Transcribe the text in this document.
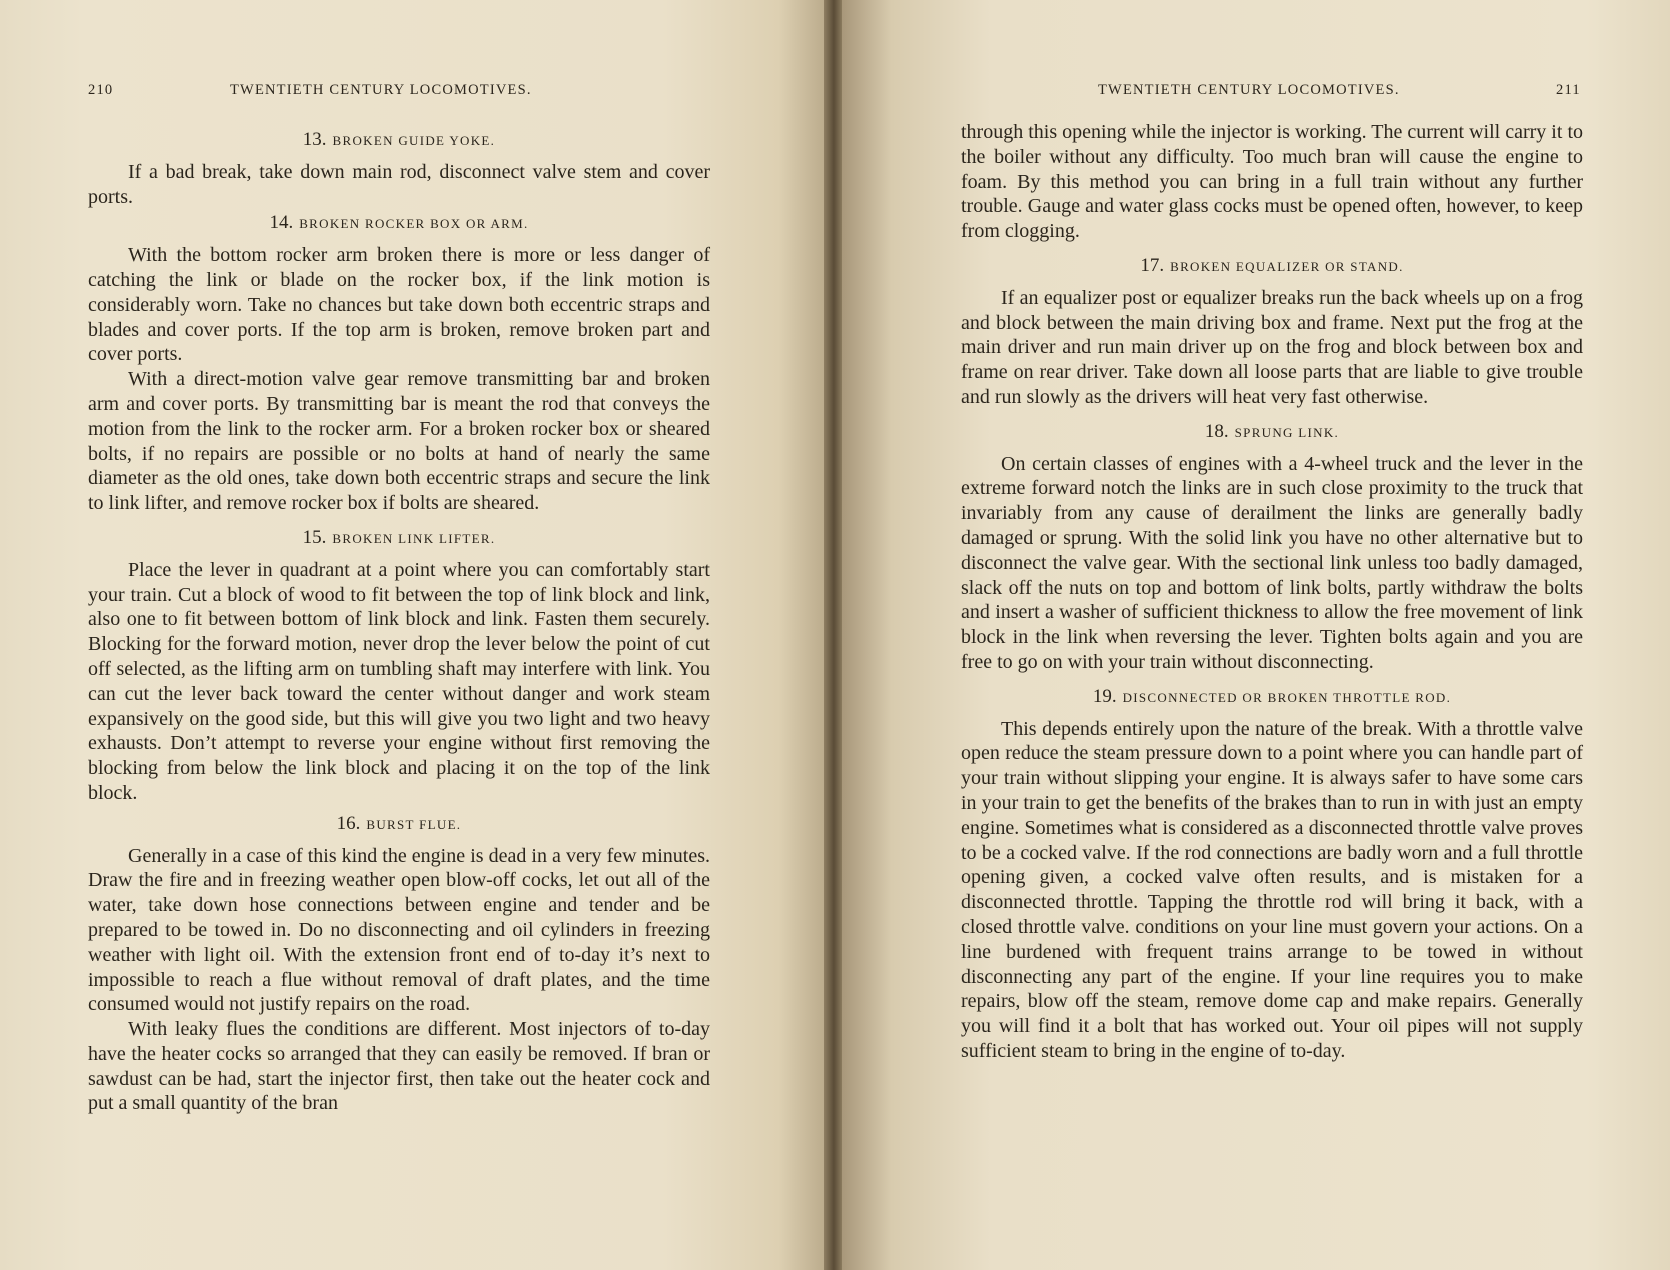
210	TWENTIETH CENTURY LOCOMOTIVES.
13. BROKEN GUIDE YOKE.

If a bad break, take down main rod, disconnect valve stem and cover ports.

14. BROKEN ROCKER BOX OR ARM.

With the bottom rocker arm broken there is more or less danger of catching the link or blade on the rocker box, if the link motion is considerably worn. Take no chances but take down both eccentric straps and blades and cover ports. If the top arm is broken, remove broken part and cover ports.

With a direct-motion valve gear remove transmitting bar and broken arm and cover ports. By transmitting bar is meant the rod that conveys the motion from the link to the rocker arm. For a broken rocker box or sheared bolts, if no repairs are possible or no bolts at hand of nearly the same diameter as the old ones, take down both eccentric straps and secure the link to link lifter, and remove rocker box if bolts are sheared.

15. BROKEN LINK LIFTER.

Place the lever in quadrant at a point where you can comfortably start your train. Cut a block of wood to fit between the top of link block and link, also one to fit between bottom of link block and link. Fasten them securely. Blocking for the forward motion, never drop the lever below the point of cut off selected, as the lifting arm on tumbling shaft may interfere with link. You can cut the lever back toward the center without danger and work steam expansively on the good side, but this will give you two light and two heavy exhausts. Don’t attempt to reverse your engine without first removing the blocking from below the link block and placing it on the top of the link block.

16. BURST FLUE.

Generally in a case of this kind the engine is dead in a very few minutes. Draw the fire and in freezing weather open blow-off cocks, let out all of the water, take down hose connections between engine and tender and be prepared to be towed in. Do no disconnecting and oil cylinders in freezing weather with light oil. With the extension front end of to-day it’s next to impossible to reach a flue without removal of draft plates, and the time consumed would not justify repairs on the road.

With leaky flues the conditions are different. Most injectors of to-day have the heater cocks so arranged that they can easily be removed. If bran or sawdust can be had, start the injector first, then take out the heater cock and put a small quantity of the bran

TWENTIETH CENTURY LOCOMOTIVES.	211

through this opening while the injector is working. The current will carry it to the boiler without any difficulty. Too much bran will cause the engine to foam. By this method you can bring in a full train without any further trouble. Gauge and water glass cocks must be opened often, however, to keep from clogging.

17. BROKEN EQUALIZER OR STAND.

If an equalizer post or equalizer breaks run the back wheels up on a frog and block between the main driving box and frame. Next put the frog at the main driver and run main driver up on the frog and block between box and frame on rear driver. Take down all loose parts that are liable to give trouble and run slowly as the drivers will heat very fast otherwise.

18. SPRUNG LINK.

On certain classes of engines with a 4-wheel truck and the lever in the extreme forward notch the links are in such close proximity to the truck that invariably from any cause of derailment the links are generally badly damaged or sprung. With the solid link you have no other alternative but to disconnect the valve gear. With the sectional link unless too badly damaged, slack off the nuts on top and bottom of link bolts, partly withdraw the bolts and insert a washer of sufficient thickness to allow the free movement of link block in the link when reversing the lever. Tighten bolts again and you are free to go on with your train without disconnecting.

19. DISCONNECTED OR BROKEN THROTTLE ROD.

This depends entirely upon the nature of the break. With a throttle valve open reduce the steam pressure down to a point where you can handle part of your train without slipping your engine. It is always safer to have some cars in your train to get the benefits of the brakes than to run in with just an empty engine. Sometimes what is considered as a disconnected throttle valve proves to be a cocked valve. If the rod connections are badly worn and a full throttle opening given, a cocked valve often results, and is mistaken for a disconnected throttle. Tapping the throttle rod will bring it back, with a closed throttle valve. conditions on your line must govern your actions. On a line burdened with frequent trains arrange to be towed in without disconnecting any part of the engine. If your line requires you to make repairs, blow off the steam, remove dome cap and make repairs. Generally you will find it a bolt that has worked out. Your oil pipes will not supply sufficient steam to bring in the engine of to-day.
